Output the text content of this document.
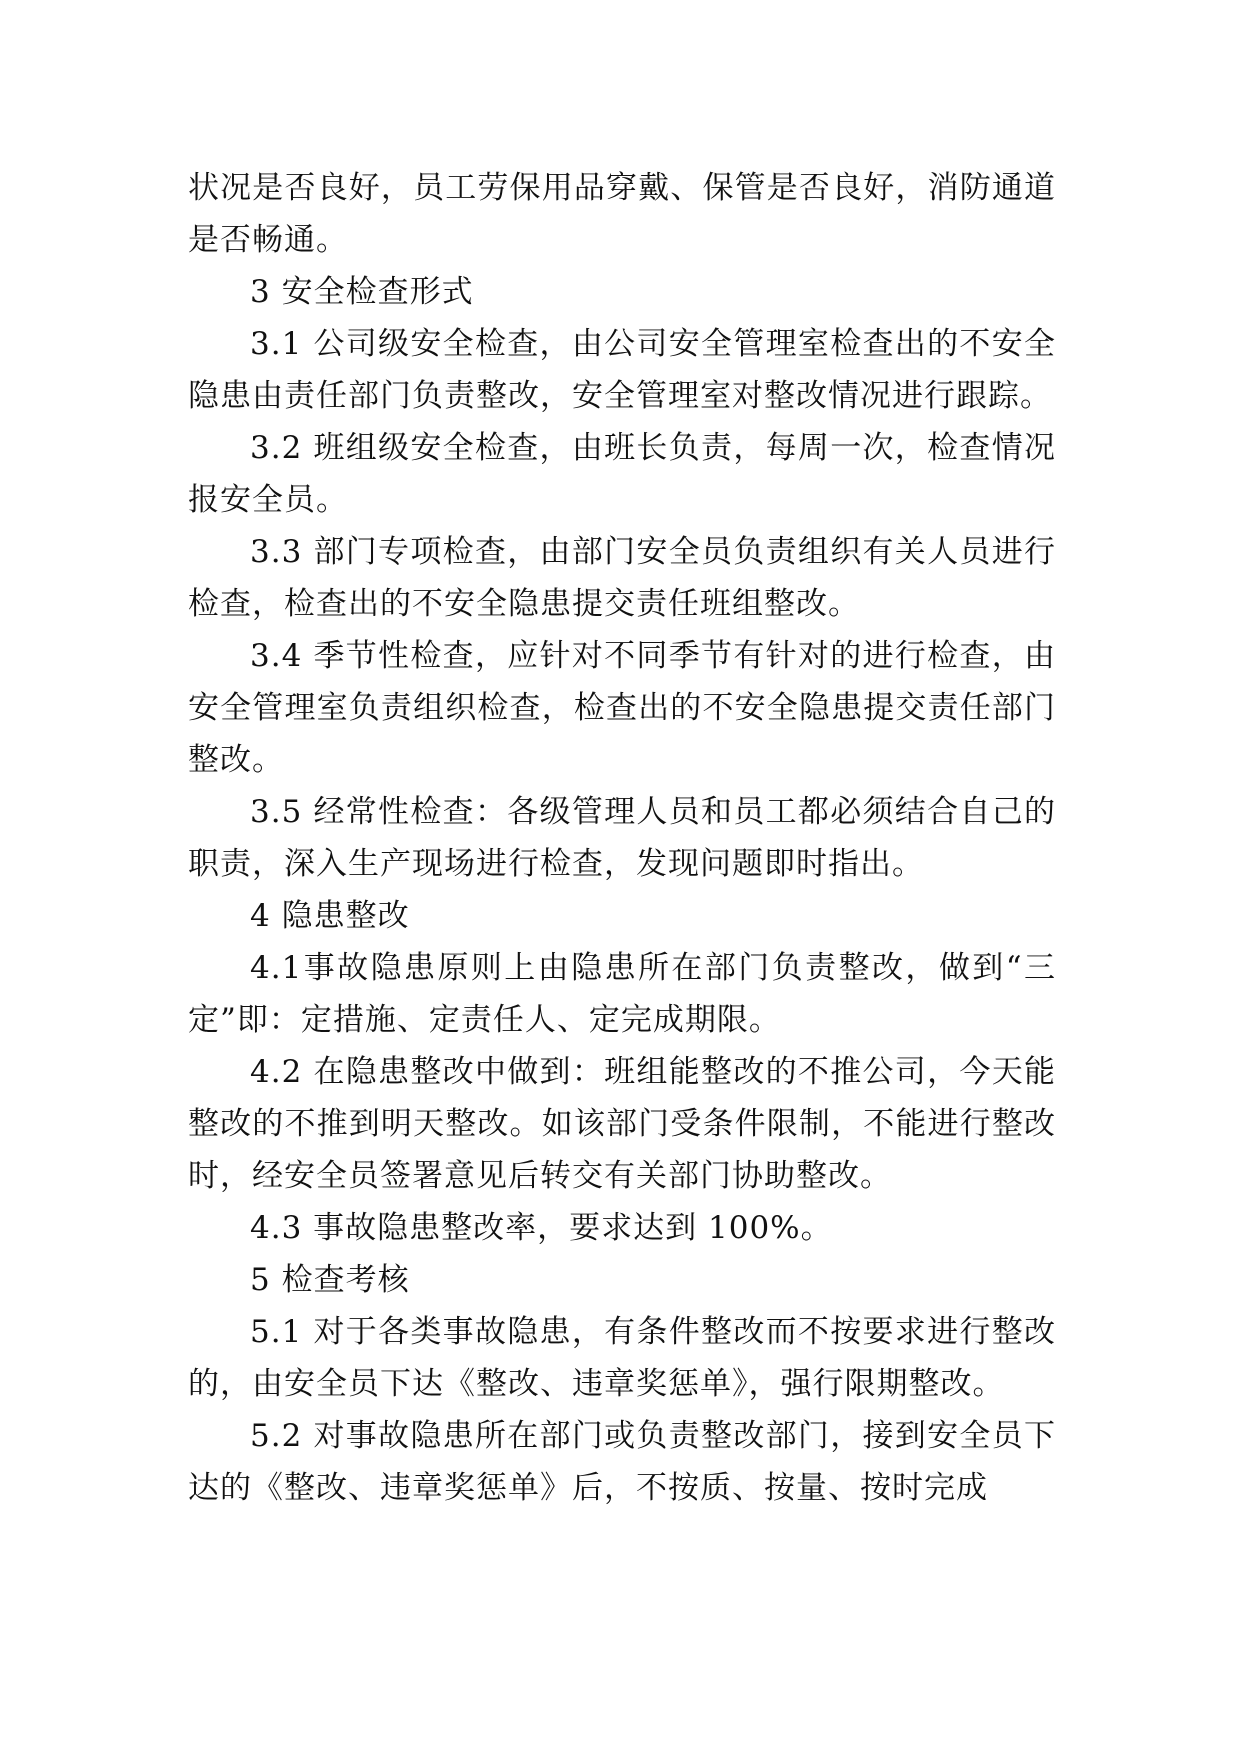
状况是否良好，员工劳保用品穿戴、保管是否良好，消防通道是否畅通。

3 安全检查形式

3.1 公司级安全检查，由公司安全管理室检查出的不安全隐患由责任部门负责整改，安全管理室对整改情况进行跟踪。

3.2 班组级安全检查，由班长负责，每周一次，检查情况报安全员。

3.3 部门专项检查，由部门安全员负责组织有关人员进行检查，检查出的不安全隐患提交责任班组整改。

3.4 季节性检查，应针对不同季节有针对的进行检查，由安全管理室负责组织检查，检查出的不安全隐患提交责任部门整改。

3.5 经常性检查：各级管理人员和员工都必须结合自己的职责，深入生产现场进行检查，发现问题即时指出。

4 隐患整改

4.1事故隐患原则上由隐患所在部门负责整改，做到“三定”即：定措施、定责任人、定完成期限。

4.2 在隐患整改中做到：班组能整改的不推公司，今天能整改的不推到明天整改。如该部门受条件限制，不能进行整改时，经安全员签署意见后转交有关部门协助整改。

4.3 事故隐患整改率，要求达到 100%。

5 检查考核

5.1 对于各类事故隐患，有条件整改而不按要求进行整改的，由安全员下达《整改、违章奖惩单》，强行限期整改。

5.2 对事故隐患所在部门或负责整改部门，接到安全员下达的《整改、违章奖惩单》后，不按质、按量、按时完成
